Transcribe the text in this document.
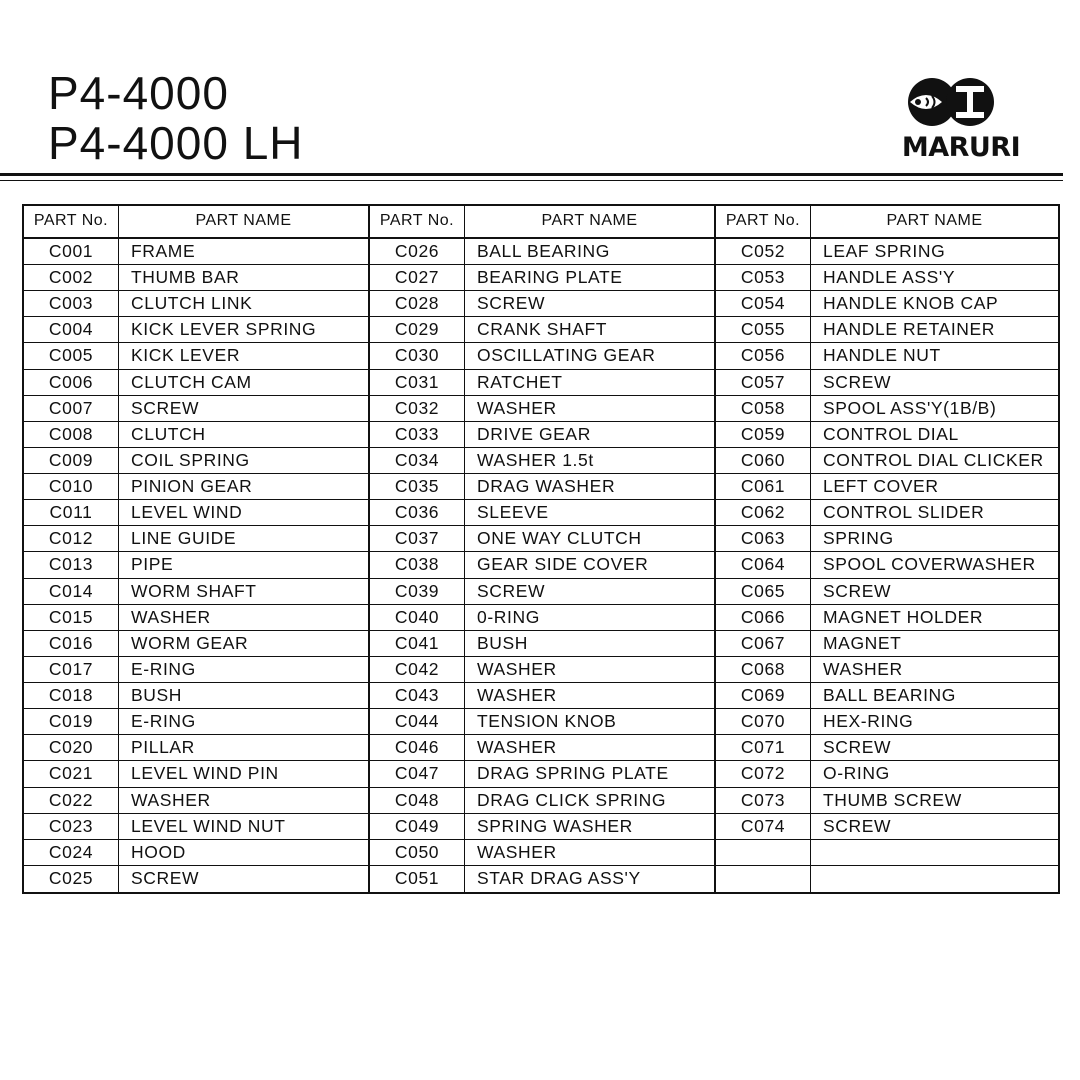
P4-4000
P4-4000 LH	MARURI
PART No.	PART NAME
C001 FRAME
C002 THUMB BAR
C003 CLUTCH LINK
C004 KICK LEVER SPRING
C005 KICK LEVER
C006 CLUTCH CAM
C007 SCREW
C008 CLUTCH
C009 COIL SPRING
C010 PINION GEAR
C011 LEVEL WIND
C012 LINE GUIDE
C013 PIPE
C014 WORM SHAFT
C015 WASHER
C016 WORM GEAR
C017 E-RING
C018 BUSH
C019 E-RING
C020 PILLAR
C021 LEVEL WIND PIN
C022 WASHER
C023 LEVEL WIND NUT
C024 HOOD
C025 SCREW
PART No.	PART NAME
C026 BALL BEARING
C027 BEARING PLATE
C028 SCREW
C029 CRANK SHAFT
C030 OSCILLATING GEAR
C031 RATCHET
C032 WASHER
C033 DRIVE GEAR
C034 WASHER 1.5t
C035 DRAG WASHER
C036 SLEEVE
C037 ONE WAY CLUTCH
C038 GEAR SIDE COVER
C039 SCREW
C040 0-RING
C041 BUSH
C042 WASHER
C043 WASHER
C044 TENSION KNOB
C046 WASHER
C047 DRAG SPRING PLATE
C048 DRAG CLICK SPRING
C049 SPRING WASHER
C050 WASHER
C051 STAR DRAG ASS'Y
PART No.	PART NAME
C052 LEAF SPRING
C053 HANDLE ASS'Y
C054 HANDLE KNOB CAP
C055 HANDLE RETAINER
C056 HANDLE NUT
C057 SCREW
C058 SPOOL ASS'Y(1B/B)
C059 CONTROL DIAL
C060 CONTROL DIAL CLICKER
C061 LEFT COVER
C062 CONTROL SLIDER
C063 SPRING
C064 SPOOL COVERWASHER
C065 SCREW
C066 MAGNET HOLDER
C067 MAGNET
C068 WASHER
C069 BALL BEARING
C070 HEX-RING
C071 SCREW
C072 O-RING
C073 THUMB SCREW
C074 SCREW
